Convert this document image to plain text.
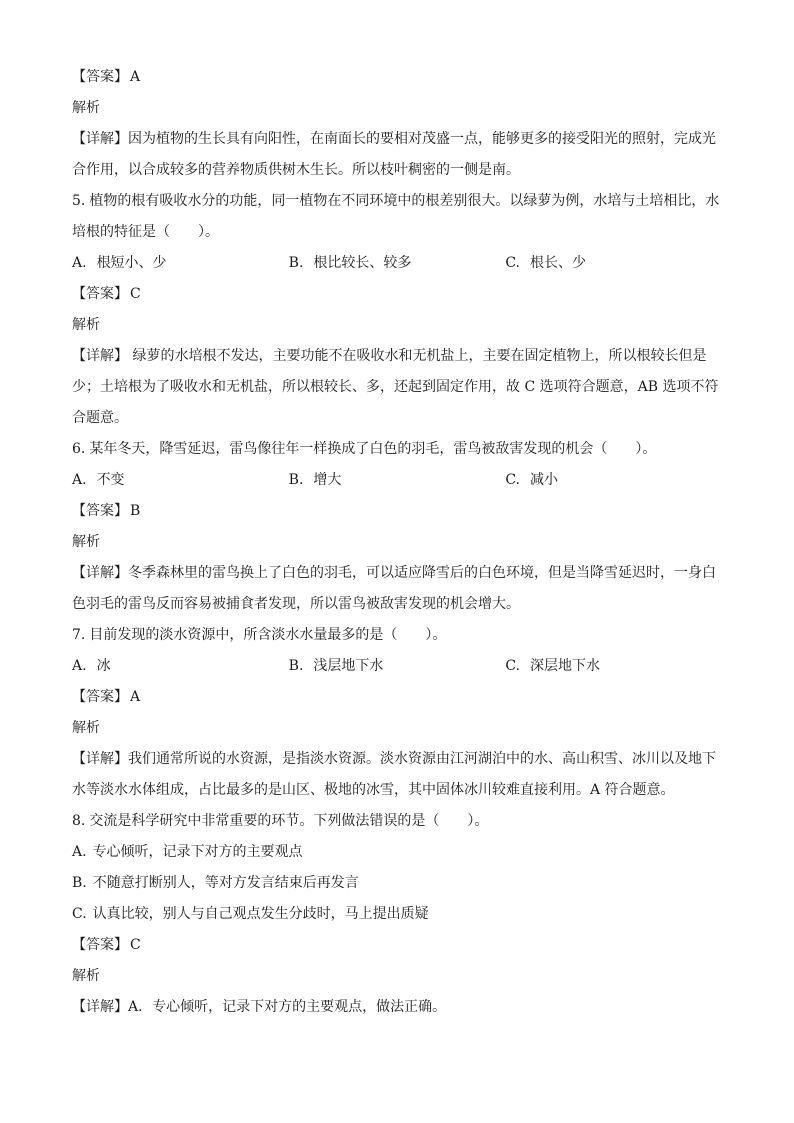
【答案】 A
解析
【详解】因为植物的生长具有向阳性，在南面长的要相对茂盛一点，能够更多的接受阳光的照射，完成光
合作用，以合成较多的营养物质供树木生长。所以枝叶稠密的一侧是南。
5. 植物的根有吸收水分的功能，同一植物在不同环境中的根差别很大。以绿萝为例，水培与土培相比，水
培根的特征是（　　）。
A. 根短小、少	B. 根比较长、较多	C. 根长、少
【答案】 C
解析
【详解】 绿萝的水培根不发达，主要功能不在吸收水和无机盐上，主要在固定植物上，所以根较长但是
少；土培根为了吸收水和无机盐，所以根较长、多，还起到固定作用，故 C 选项符合题意，AB 选项不符
合题意。
6. 某年冬天，降雪延迟，雷鸟像往年一样换成了白色的羽毛，雷鸟被敌害发现的机会（　　）。
A. 不变	B. 增大	C. 减小
【答案】 B
解析
【详解】冬季森林里的雷鸟换上了白色的羽毛，可以适应降雪后的白色环境，但是当降雪延迟时，一身白
色羽毛的雷鸟反而容易被捕食者发现，所以雷鸟被敌害发现的机会增大。
7. 目前发现的淡水资源中，所含淡水水量最多的是（　　）。
A. 冰	B. 浅层地下水	C. 深层地下水
【答案】 A
解析
【详解】我们通常所说的水资源，是指淡水资源。淡水资源由江河湖泊中的水、高山积雪、冰川以及地下
水等淡水水体组成，占比最多的是山区、极地的冰雪，其中固体冰川较难直接利用。A 符合题意。
8. 交流是科学研究中非常重要的环节。下列做法错误的是（　　）。
A. 专心倾听，记录下对方的主要观点
B. 不随意打断别人，等对方发言结束后再发言
C. 认真比较，别人与自己观点发生分歧时，马上提出质疑
【答案】 C
解析
【详解】A．专心倾听，记录下对方的主要观点，做法正确。
